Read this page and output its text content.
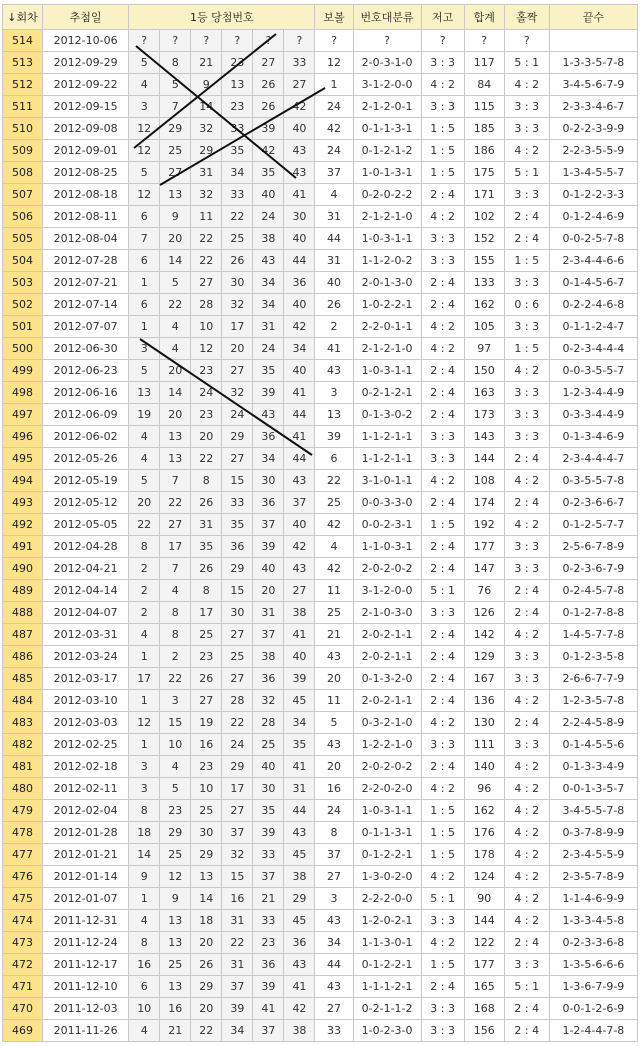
↓회차	추첨일	1등 당첨번호						보볼	번호대분류	저고	합계	홀짝	끝수
514	2012-10-06	?	?	?	?	?	?	?	?	?	?	?	
513	2012-09-29	5	8	21	23	27	33	12	2-0-3-1-0	3 : 3	117	5 : 1	1-3-3-5-7-8
512	2012-09-22	4	5	9	13	26	27	1	3-1-2-0-0	4 : 2	84	4 : 2	3-4-5-6-7-9
511	2012-09-15	3	7	14	23	26	42	24	2-1-2-0-1	3 : 3	115	3 : 3	2-3-3-4-6-7
510	2012-09-08	12	29	32	33	39	40	42	0-1-1-3-1	1 : 5	185	3 : 3	0-2-2-3-9-9
509	2012-09-01	12	25	29	35	42	43	24	0-1-2-1-2	1 : 5	186	4 : 2	2-2-3-5-5-9
508	2012-08-25	5	27	31	34	35	43	37	1-0-1-3-1	1 : 5	175	5 : 1	1-3-4-5-5-7
507	2012-08-18	12	13	32	33	40	41	4	0-2-0-2-2	2 : 4	171	3 : 3	0-1-2-2-3-3
506	2012-08-11	6	9	11	22	24	30	31	2-1-2-1-0	4 : 2	102	2 : 4	0-1-2-4-6-9
505	2012-08-04	7	20	22	25	38	40	44	1-0-3-1-1	3 : 3	152	2 : 4	0-0-2-5-7-8
504	2012-07-28	6	14	22	26	43	44	31	1-1-2-0-2	3 : 3	155	1 : 5	2-3-4-4-6-6
503	2012-07-21	1	5	27	30	34	36	40	2-0-1-3-0	2 : 4	133	3 : 3	0-1-4-5-6-7
502	2012-07-14	6	22	28	32	34	40	26	1-0-2-2-1	2 : 4	162	0 : 6	0-2-2-4-6-8
501	2012-07-07	1	4	10	17	31	42	2	2-2-0-1-1	4 : 2	105	3 : 3	0-1-1-2-4-7
500	2012-06-30	3	4	12	20	24	34	41	2-1-2-1-0	4 : 2	97	1 : 5	0-2-3-4-4-4
499	2012-06-23	5	20	23	27	35	40	43	1-0-3-1-1	2 : 4	150	4 : 2	0-0-3-5-5-7
498	2012-06-16	13	14	24	32	39	41	3	0-2-1-2-1	2 : 4	163	3 : 3	1-2-3-4-4-9
497	2012-06-09	19	20	23	24	43	44	13	0-1-3-0-2	2 : 4	173	3 : 3	0-3-3-4-4-9
496	2012-06-02	4	13	20	29	36	41	39	1-1-2-1-1	3 : 3	143	3 : 3	0-1-3-4-6-9
495	2012-05-26	4	13	22	27	34	44	6	1-1-2-1-1	3 : 3	144	2 : 4	2-3-4-4-4-7
494	2012-05-19	5	7	8	15	30	43	22	3-1-0-1-1	4 : 2	108	4 : 2	0-3-5-5-7-8
493	2012-05-12	20	22	26	33	36	37	25	0-0-3-3-0	2 : 4	174	2 : 4	0-2-3-6-6-7
492	2012-05-05	22	27	31	35	37	40	42	0-0-2-3-1	1 : 5	192	4 : 2	0-1-2-5-7-7
491	2012-04-28	8	17	35	36	39	42	4	1-1-0-3-1	2 : 4	177	3 : 3	2-5-6-7-8-9
490	2012-04-21	2	7	26	29	40	43	42	2-0-2-0-2	2 : 4	147	3 : 3	0-2-3-6-7-9
489	2012-04-14	2	4	8	15	20	27	11	3-1-2-0-0	5 : 1	76	2 : 4	0-2-4-5-7-8
488	2012-04-07	2	8	17	30	31	38	25	2-1-0-3-0	3 : 3	126	2 : 4	0-1-2-7-8-8
487	2012-03-31	4	8	25	27	37	41	21	2-0-2-1-1	2 : 4	142	4 : 2	1-4-5-7-7-8
486	2012-03-24	1	2	23	25	38	40	43	2-0-2-1-1	2 : 4	129	3 : 3	0-1-2-3-5-8
485	2012-03-17	17	22	26	27	36	39	20	0-1-3-2-0	2 : 4	167	3 : 3	2-6-6-7-7-9
484	2012-03-10	1	3	27	28	32	45	11	2-0-2-1-1	2 : 4	136	4 : 2	1-2-3-5-7-8
483	2012-03-03	12	15	19	22	28	34	5	0-3-2-1-0	4 : 2	130	2 : 4	2-2-4-5-8-9
482	2012-02-25	1	10	16	24	25	35	43	1-2-2-1-0	3 : 3	111	3 : 3	0-1-4-5-5-6
481	2012-02-18	3	4	23	29	40	41	20	2-0-2-0-2	2 : 4	140	4 : 2	0-1-3-3-4-9
480	2012-02-11	3	5	10	17	30	31	16	2-2-0-2-0	4 : 2	96	4 : 2	0-0-1-3-5-7
479	2012-02-04	8	23	25	27	35	44	24	1-0-3-1-1	1 : 5	162	4 : 2	3-4-5-5-7-8
478	2012-01-28	18	29	30	37	39	43	8	0-1-1-3-1	1 : 5	176	4 : 2	0-3-7-8-9-9
477	2012-01-21	14	25	29	32	33	45	37	0-1-2-2-1	1 : 5	178	4 : 2	2-3-4-5-5-9
476	2012-01-14	9	12	13	15	37	38	27	1-3-0-2-0	4 : 2	124	4 : 2	2-3-5-7-8-9
475	2012-01-07	1	9	14	16	21	29	3	2-2-2-0-0	5 : 1	90	4 : 2	1-1-4-6-9-9
474	2011-12-31	4	13	18	31	33	45	43	1-2-0-2-1	3 : 3	144	4 : 2	1-3-3-4-5-8
473	2011-12-24	8	13	20	22	23	36	34	1-1-3-0-1	4 : 2	122	2 : 4	0-2-3-3-6-8
472	2011-12-17	16	25	26	31	36	43	44	0-1-2-2-1	1 : 5	177	3 : 3	1-3-5-6-6-6
471	2011-12-10	6	13	29	37	39	41	43	1-1-1-2-1	2 : 4	165	5 : 1	1-3-6-7-9-9
470	2011-12-03	10	16	20	39	41	42	27	0-2-1-1-2	3 : 3	168	2 : 4	0-0-1-2-6-9
469	2011-11-26	4	21	22	34	37	38	33	1-0-2-3-0	3 : 3	156	2 : 4	1-2-4-4-7-8
